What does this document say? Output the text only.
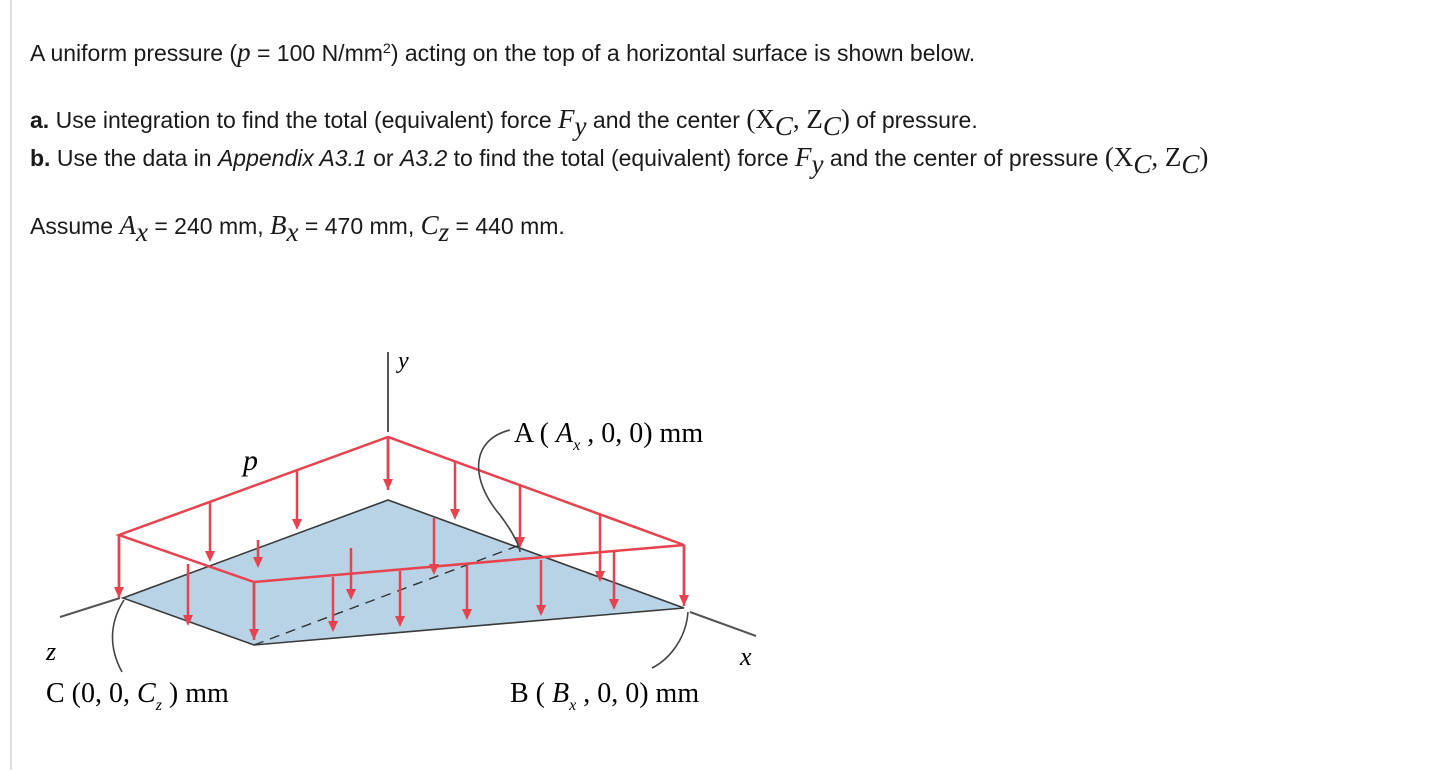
A uniform pressure (p = 100 $N/mm^2$) acting on the top of a horizontal surface is shown below.
a. Use integration to find the total (equivalent) force $F_y$ and the center ($X_C$, $Z_C$) of pressure.
b. Use the data in Appendix A3.1 or A3.2 to find the total (equivalent) force $F_y$ and the center of pressure ($X_C$, $Z_C$)
Assume $A_x = 240$ mm, $B_x = 470$ mm, $C_z = 440$ mm.
y
x
z
p
A ( $A_x$ , 0, 0) mm
B ( $B_x$ , 0, 0) mm
C (0, 0, $C_z$ ) mm
